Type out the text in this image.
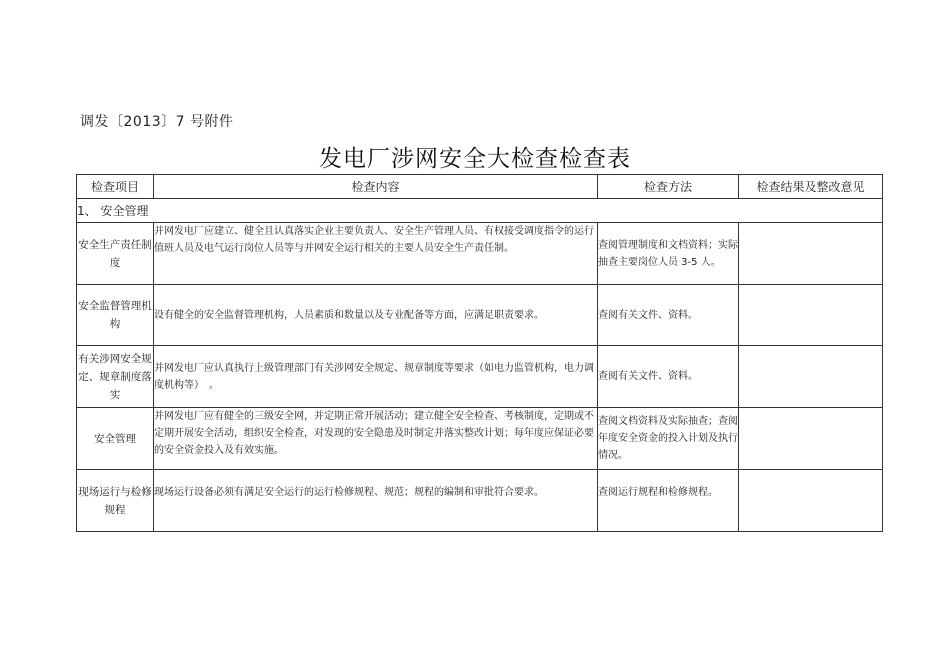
调发〔2013〕7 号附件
发电厂涉网安全大检查检查表
检查项目	检查内容	检查方法	检查结果及整改意见
1、 安全管理			
安全生产责任制度	并网发电厂应建立、健全且认真落实企业主要负责人、安全生产管理人员、有权接受调度指令的运行值班人员及电气运行岗位人员等与并网安全运行相关的主要人员安全生产责任制。	查阅管理制度和文档资料；实际抽查主要岗位人员 3-5 人。	
安全监督管理机构	设有健全的安全监督管理机构，人员素质和数量以及专业配备等方面，应满足职责要求。	查阅有关文件、资料。	
有关涉网安全规定、规章制度落实	并网发电厂应认真执行上级管理部门有关涉网安全规定、规章制度等要求（如电力监管机构，电力调度机构等）　。	查阅有关文件、资料。	
安全管理	并网发电厂应有健全的三级安全网，并定期正常开展活动；建立健全安全检查、考核制度，定期或不定期开展安全活动，组织安全检查，对发现的安全隐患及时制定并落实整改计划；每年度应保证必要的安全资金投入及有效实施。	查阅文档资料及实际抽查；查阅年度安全资金的投入计划及执行情况。	
现场运行与检修规程	现场运行设备必须有满足安全运行的运行检修规程、规范；规程的编制和审批符合要求。	查阅运行规程和检修规程。	
